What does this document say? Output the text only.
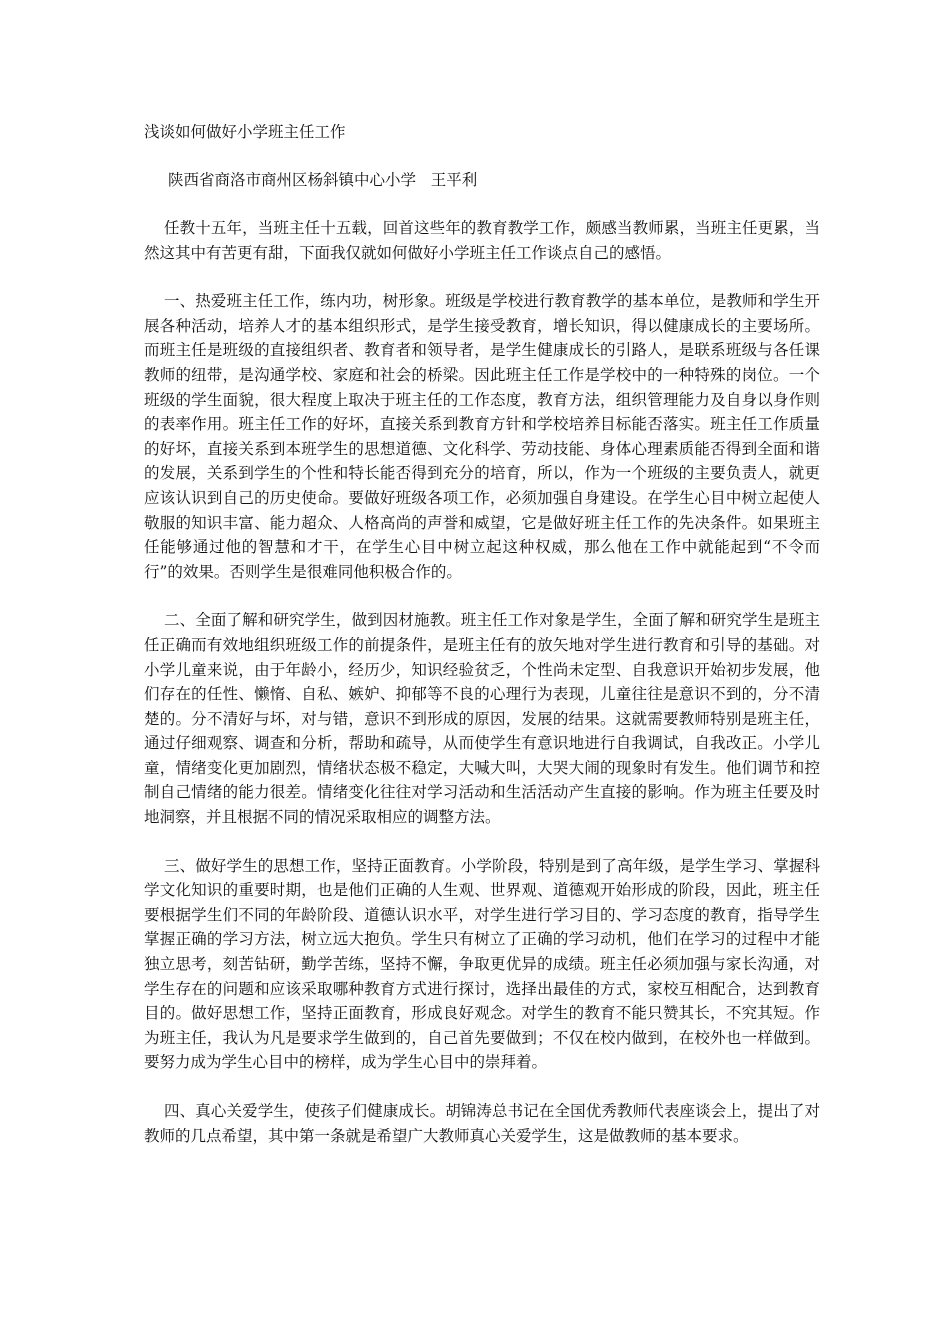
浅谈如何做好小学班主任工作
陕西省商洛市商州区杨斜镇中心小学   王平利

任教十五年，当班主任十五载，回首这些年的教育教学工作，颇感当教师累，当班主任更累，当然这其中有苦更有甜，下面我仅就如何做好小学班主任工作谈点自己的感悟。

一、热爱班主任工作，练内功，树形象。班级是学校进行教育教学的基本单位，是教师和学生开展各种活动，培养人才的基本组织形式，是学生接受教育，增长知识，得以健康成长的主要场所。而班主任是班级的直接组织者、教育者和领导者，是学生健康成长的引路人，是联系班级与各任课教师的纽带，是沟通学校、家庭和社会的桥梁。因此班主任工作是学校中的一种特殊的岗位。一个班级的学生面貌，很大程度上取决于班主任的工作态度，教育方法，组织管理能力及自身以身作则的表率作用。班主任工作的好坏，直接关系到教育方针和学校培养目标能否落实。班主任工作质量的好坏，直接关系到本班学生的思想道德、文化科学、劳动技能、身体心理素质能否得到全面和谐的发展，关系到学生的个性和特长能否得到充分的培育，所以，作为一个班级的主要负责人，就更应该认识到自己的历史使命。要做好班级各项工作，必须加强自身建设。在学生心目中树立起使人敬服的知识丰富、能力超众、人格高尚的声誉和威望，它是做好班主任工作的先决条件。如果班主任能够通过他的智慧和才干，在学生心目中树立起这种权威，那么他在工作中就能起到“不令而行”的效果。否则学生是很难同他积极合作的。

二、全面了解和研究学生，做到因材施教。班主任工作对象是学生，全面了解和研究学生是班主任正确而有效地组织班级工作的前提条件，是班主任有的放矢地对学生进行教育和引导的基础。对小学儿童来说，由于年龄小，经历少，知识经验贫乏，个性尚未定型、自我意识开始初步发展，他们存在的任性、懒惰、自私、嫉妒、抑郁等不良的心理行为表现，儿童往往是意识不到的，分不清楚的。分不清好与坏，对与错，意识不到形成的原因，发展的结果。这就需要教师特别是班主任，通过仔细观察、调查和分析，帮助和疏导，从而使学生有意识地进行自我调试，自我改正。小学儿童，情绪变化更加剧烈，情绪状态极不稳定，大喊大叫，大哭大闹的现象时有发生。他们调节和控制自己情绪的能力很差。情绪变化往往对学习活动和生活活动产生直接的影响。作为班主任要及时地洞察，并且根据不同的情况采取相应的调整方法。

三、做好学生的思想工作，坚持正面教育。小学阶段，特别是到了高年级，是学生学习、掌握科学文化知识的重要时期，也是他们正确的人生观、世界观、道德观开始形成的阶段，因此，班主任要根据学生们不同的年龄阶段、道德认识水平，对学生进行学习目的、学习态度的教育，指导学生掌握正确的学习方法，树立远大抱负。学生只有树立了正确的学习动机，他们在学习的过程中才能独立思考，刻苦钻研，勤学苦练，坚持不懈，争取更优异的成绩。班主任必须加强与家长沟通，对学生存在的问题和应该采取哪种教育方式进行探讨，选择出最佳的方式，家校互相配合，达到教育目的。做好思想工作，坚持正面教育，形成良好观念。对学生的教育不能只赞其长，不究其短。作为班主任，我认为凡是要求学生做到的，自己首先要做到；不仅在校内做到，在校外也一样做到。要努力成为学生心目中的榜样，成为学生心目中的崇拜着。

四、真心关爱学生，使孩子们健康成长。胡锦涛总书记在全国优秀教师代表座谈会上，提出了对教师的几点希望，其中第一条就是希望广大教师真心关爱学生，这是做教师的基本要求。
